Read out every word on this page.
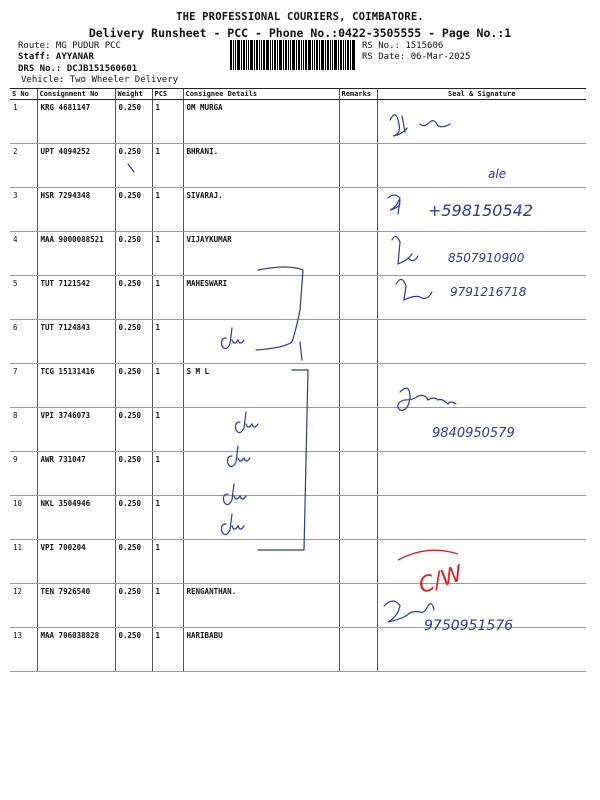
THE PROFESSIONAL COURIERS, COIMBATORE.
Delivery Runsheet - PCC - Phone No.:0422-3505555 - Page No.:1
Route: MG PUDUR PCC
Staff: AYYANAR
DRS No.: DCJB151560601
Vehicle: Two Wheeler Delivery
RS No.: 1515606
RS Date: 06-Mar-2025
S No	Consignment No	Weight	PCS	Consignee Details	Remarks	Seal & Signature
1	KRG 4681147	0.250	1	OM MURGA		
2	UPT 4094252	0.250	1	BHRANI.		
3	HSR 7294348	0.250	1	SIVARAJ.		
4	MAA 9000088521	0.250	1	VIJAYKUMAR		
5	TUT 7121542	0.250	1	MAHESWARI		
6	TUT 7124843	0.250	1			
7	TCG 15131416	0.250	1	S M L		
8	VPI 3746073	0.250	1			
9	AWR 731047	0.250	1			
10	NKL 3504946	0.250	1			
11	VPI 700204	0.250	1			
12	TEN 7926540	0.250	1	RENGANTHAN.		
13	MAA 706038828	0.250	1	HARIBABU		
+598150542
8507910900
9791216718
9840950579
9750951576
ale
C/W
